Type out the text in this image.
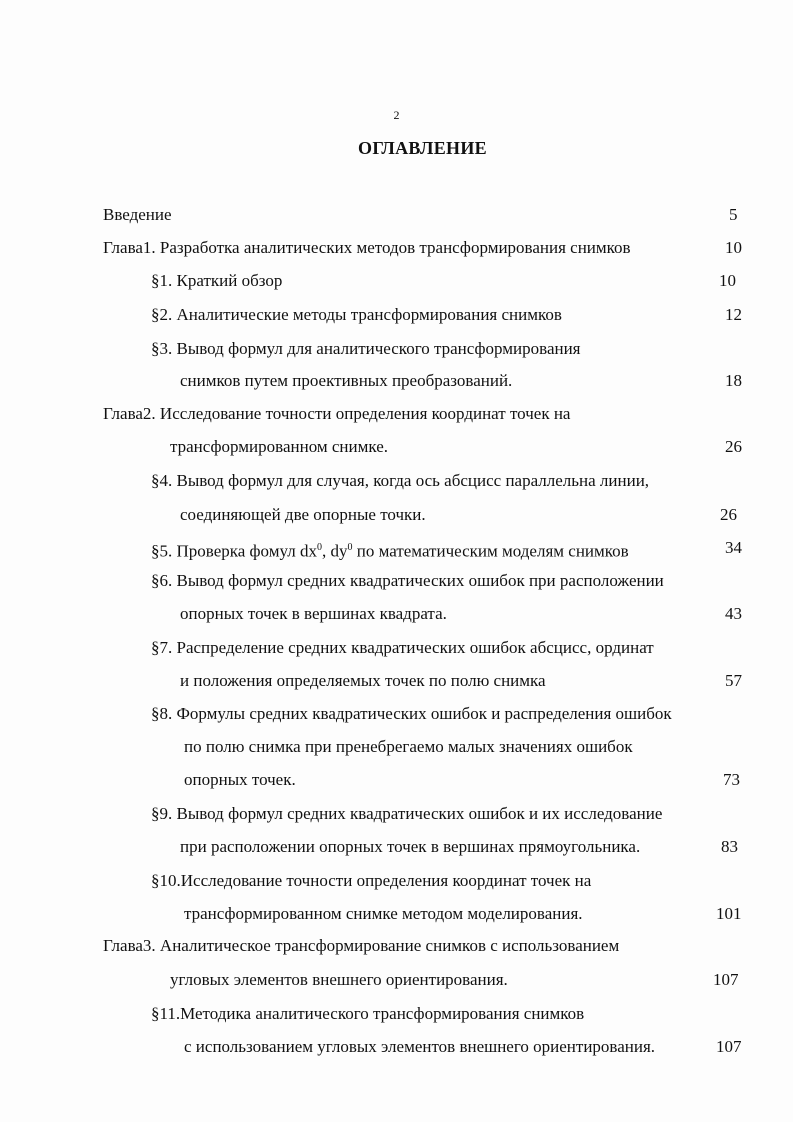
2
ОГЛАВЛЕНИЕ
Введение	5
Глава1. Разработка аналитических методов трансформирования снимков	10
§1. Краткий обзор	10
§2. Аналитические методы трансформирования снимков	12
§3. Вывод формул для аналитического трансформирования
снимков путем проективных преобразований.	18
Глава2. Исследование точности определения координат точек на
трансформированном снимке.	26
§4. Вывод формул для случая, когда ось абсцисс параллельна линии,
соединяющей две опорные точки.	26
§5. Проверка фомул $dx^0$, $dy^0$ по математическим моделям снимков	34
§6. Вывод формул средних квадратических ошибок при расположении
опорных точек в вершинах квадрата.	43
§7. Распределение средних квадратических ошибок абсцисс, ординат
и положения определяемых точек по полю снимка	57
§8. Формулы средних квадратических ошибок и распределения ошибок
по полю снимка при пренебрегаемо малых значениях ошибок
опорных точек.	73
§9. Вывод формул средних квадратических ошибок и их исследование
при расположении опорных точек в вершинах прямоугольника.	83
§10.Исследование точности определения координат точек на
трансформированном снимке методом моделирования.	101
Глава3. Аналитическое трансформирование снимков с использованием
угловых элементов внешнего ориентирования.	107
§11.Методика аналитического трансформирования снимков
с использованием угловых элементов внешнего ориентирования.	107
